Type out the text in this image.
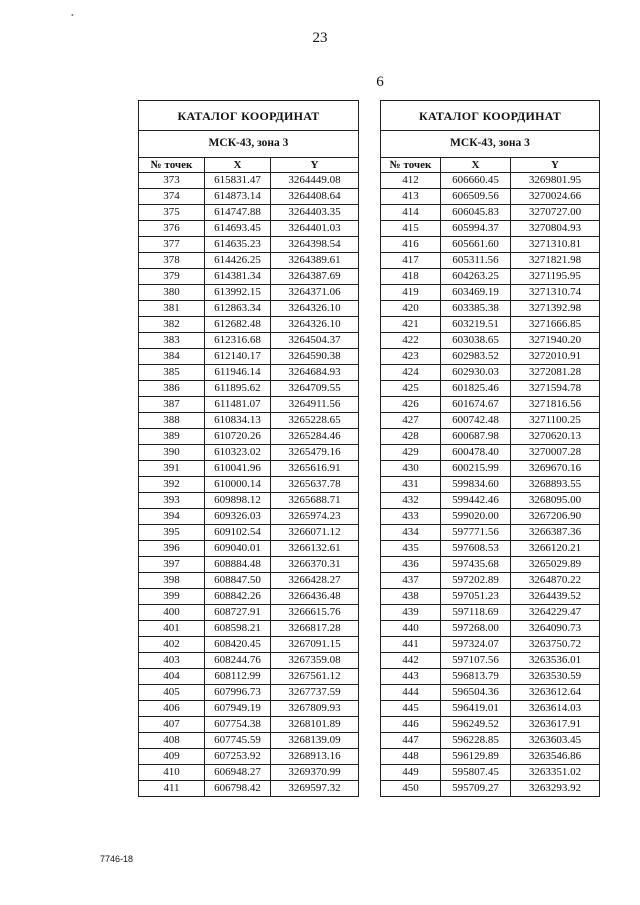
•
23
6
КАТАЛОГ КООРДИНАТ		
МСК-43, зона 3		
№ точек	X	Y
373	615831.47	3264449.08
374	614873.14	3264408.64
375	614747.88	3264403.35
376	614693.45	3264401.03
377	614635.23	3264398.54
378	614426.25	3264389.61
379	614381.34	3264387.69
380	613992.15	3264371.06
381	612863.34	3264326.10
382	612682.48	3264326.10
383	612316.68	3264504.37
384	612140.17	3264590.38
385	611946.14	3264684.93
386	611895.62	3264709.55
387	611481.07	3264911.56
388	610834.13	3265228.65
389	610720.26	3265284.46
390	610323.02	3265479.16
391	610041.96	3265616.91
392	610000.14	3265637.78
393	609898.12	3265688.71
394	609326.03	3265974.23
395	609102.54	3266071.12
396	609040.01	3266132.61
397	608884.48	3266370.31
398	608847.50	3266428.27
399	608842.26	3266436.48
400	608727.91	3266615.76
401	608598.21	3266817.28
402	608420.45	3267091.15
403	608244.76	3267359.08
404	608112.99	3267561.12
405	607996.73	3267737.59
406	607949.19	3267809.93
407	607754.38	3268101.89
408	607745.59	3268139.09
409	607253.92	3268913.16
410	606948.27	3269370.99
411	606798.42	3269597.32
КАТАЛОГ КООРДИНАТ		
МСК-43, зона 3		
№ точек	X	Y
412	606660.45	3269801.95
413	606509.56	3270024.66
414	606045.83	3270727.00
415	605994.37	3270804.93
416	605661.60	3271310.81
417	605311.56	3271821.98
418	604263.25	3271195.95
419	603469.19	3271310.74
420	603385.38	3271392.98
421	603219.51	3271666.85
422	603038.65	3271940.20
423	602983.52	3272010.91
424	602930.03	3272081.28
425	601825.46	3271594.78
426	601674.67	3271816.56
427	600742.48	3271100.25
428	600687.98	3270620.13
429	600478.40	3270007.28
430	600215.99	3269670.16
431	599834.60	3268893.55
432	599442.46	3268095.00
433	599020.00	3267206.90
434	597771.56	3266387.36
435	597608.53	3266120.21
436	597435.68	3265029.89
437	597202.89	3264870.22
438	597051.23	3264439.52
439	597118.69	3264229.47
440	597268.00	3264090.73
441	597324.07	3263750.72
442	597107.56	3263536.01
443	596813.79	3263530.59
444	596504.36	3263612.64
445	596419.01	3263614.03
446	596249.52	3263617.91
447	596228.85	3263603.45
448	596129.89	3263546.86
449	595807.45	3263351.02
450	595709.27	3263293.92
7746-18
